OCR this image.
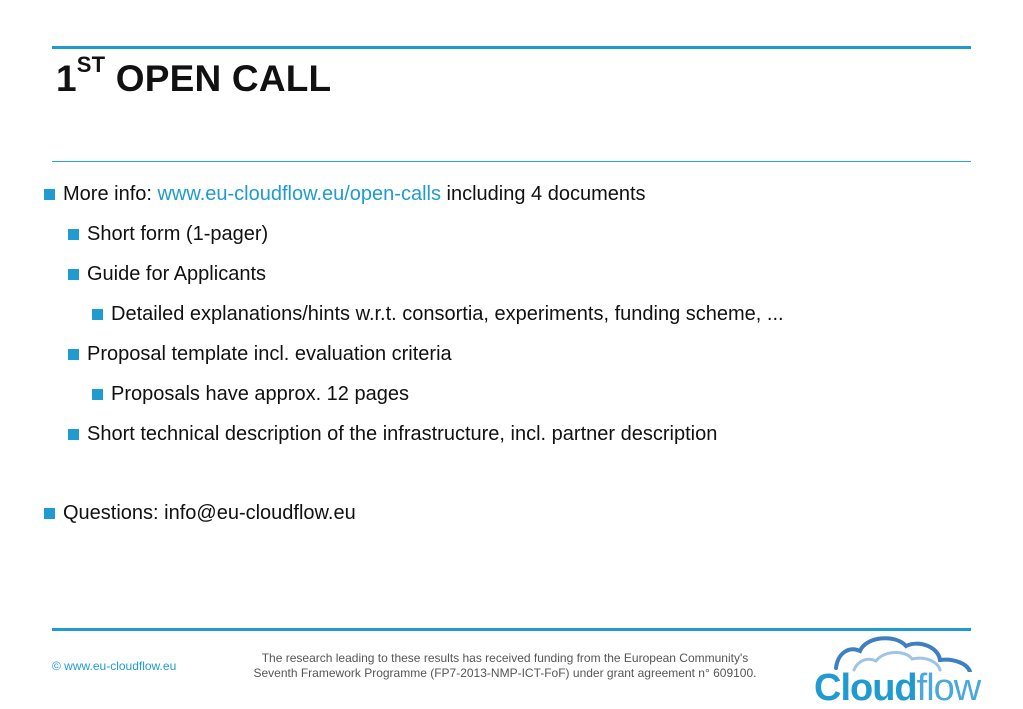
1ST OPEN CALL
More info: www.eu-cloudflow.eu/open-calls including 4 documents
Short form (1-pager)
Guide for Applicants
Detailed explanations/hints w.r.t. consortia, experiments, funding scheme, ...
Proposal template incl. evaluation criteria
Proposals have approx. 12 pages
Short technical description of the infrastructure, incl. partner description
Questions: info@eu-cloudflow.eu
© www.eu-cloudflow.eu
The research leading to these results has received funding from the European Community's
Seventh Framework Programme (FP7-2013-NMP-ICT-FoF) under grant agreement n° 609100.	Cloudflow
